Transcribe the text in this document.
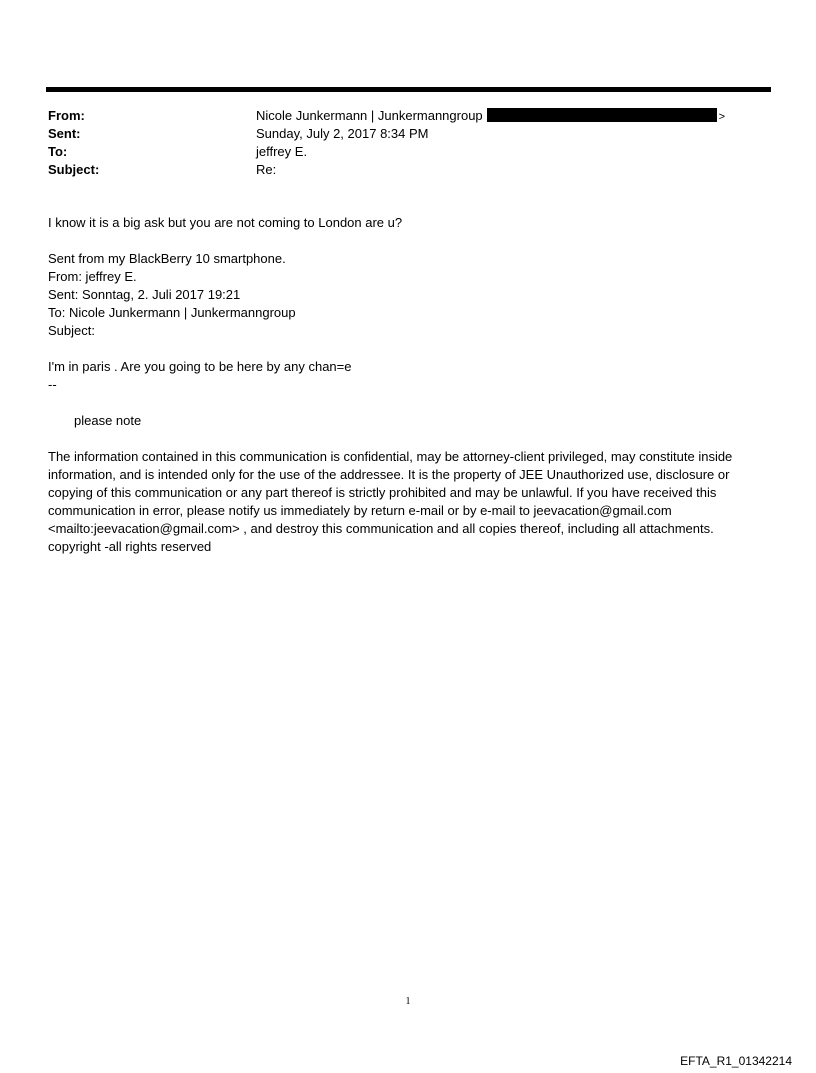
From:	Nicole Junkermann | Junkermanngroup	>
Sent:	Sunday, July 2, 2017 8:34 PM
To:	jeffrey E.
Subject:	Re:
I know it is a big ask but you are not coming to London are u?
Sent from my BlackBerry 10 smartphone.
From: jeffrey E.
Sent: Sonntag, 2. Juli 2017 19:21
To: Nicole Junkermann | Junkermanngroup
Subject:
I'm in paris . Are you going to be here by any chan=e
--
please note
The information contained in this communication is confidential, may be attorney-client privileged, may constitute inside information, and is intended only for the use of the addressee. It is the property of JEE Unauthorized use, disclosure or copying of this communication or any part thereof is strictly prohibited and may be unlawful. If you have received this communication in error, please notify us immediately by return e-mail or by e-mail to jeevacation@gmail.com <mailto:jeevacation@gmail.com> , and destroy this communication and all copies thereof, including all attachments. copyright -all rights reserved
1
EFTA_R1_01342214
